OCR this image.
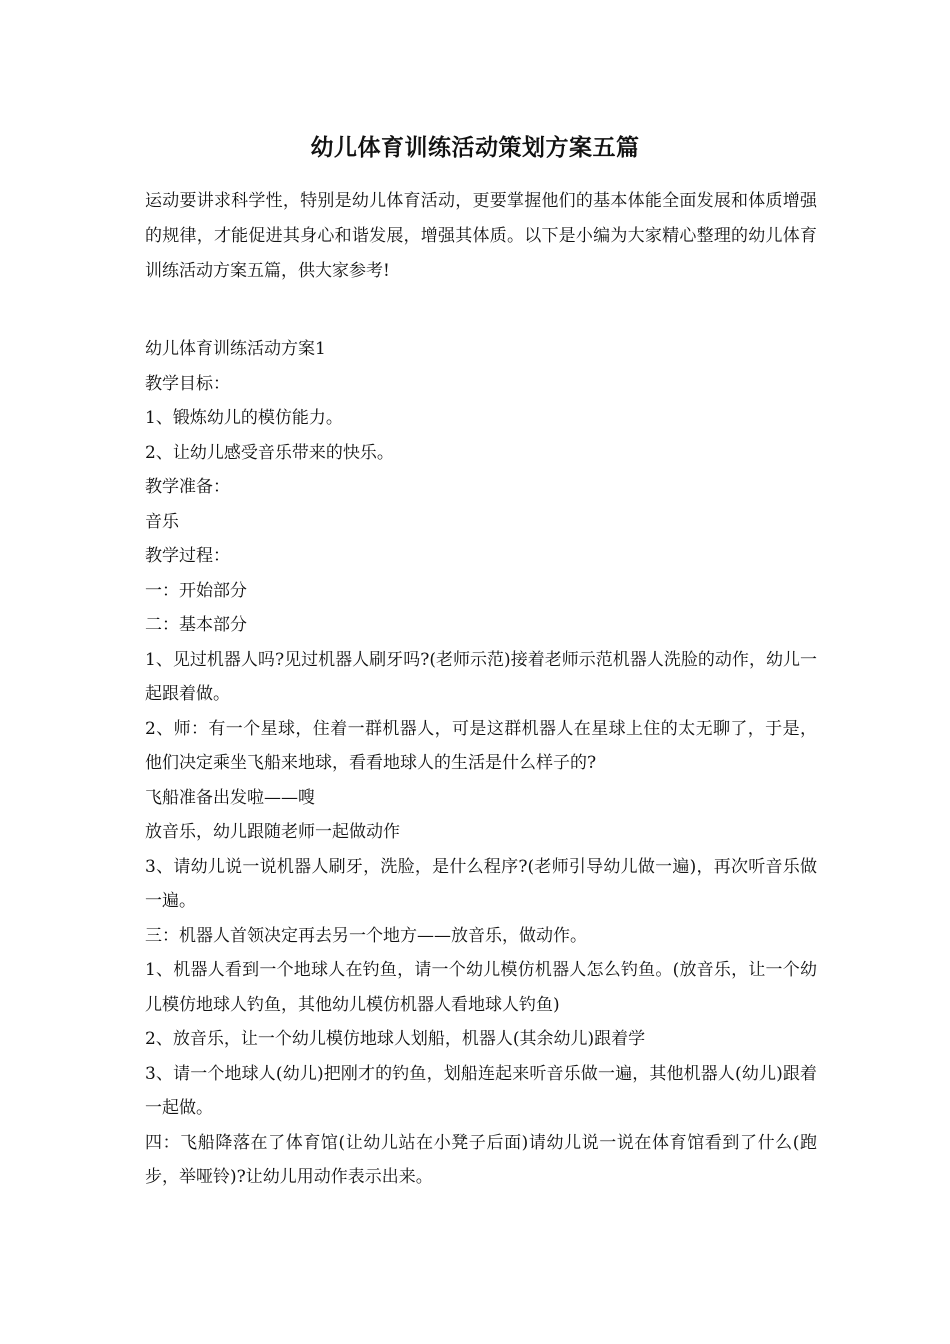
幼儿体育训练活动策划方案五篇

运动要讲求科学性，特别是幼儿体育活动，更要掌握他们的基本体能全面发展和体质增强的规律，才能促进其身心和谐发展，增强其体质。以下是小编为大家精心整理的幼儿体育训练活动方案五篇，供大家参考!

幼儿体育训练活动方案1

教学目标：

1、锻炼幼儿的模仿能力。

2、让幼儿感受音乐带来的快乐。

教学准备：

音乐

教学过程：

一：开始部分

二：基本部分

1、见过机器人吗?见过机器人刷牙吗?(老师示范)接着老师示范机器人洗脸的动作，幼儿一起跟着做。

2、师：有一个星球，住着一群机器人，可是这群机器人在星球上住的太无聊了，于是，他们决定乘坐飞船来地球，看看地球人的生活是什么样子的?

飞船准备出发啦——嗖

放音乐，幼儿跟随老师一起做动作

3、请幼儿说一说机器人刷牙，洗脸，是什么程序?(老师引导幼儿做一遍)，再次听音乐做一遍。

三：机器人首领决定再去另一个地方——放音乐，做动作。

1、机器人看到一个地球人在钓鱼，请一个幼儿模仿机器人怎么钓鱼。(放音乐，让一个幼儿模仿地球人钓鱼，其他幼儿模仿机器人看地球人钓鱼)

2、放音乐，让一个幼儿模仿地球人划船，机器人(其余幼儿)跟着学

3、请一个地球人(幼儿)把刚才的钓鱼，划船连起来听音乐做一遍，其他机器人(幼儿)跟着一起做。

四：飞船降落在了体育馆(让幼儿站在小凳子后面)请幼儿说一说在体育馆看到了什么(跑步，举哑铃)?让幼儿用动作表示出来。
